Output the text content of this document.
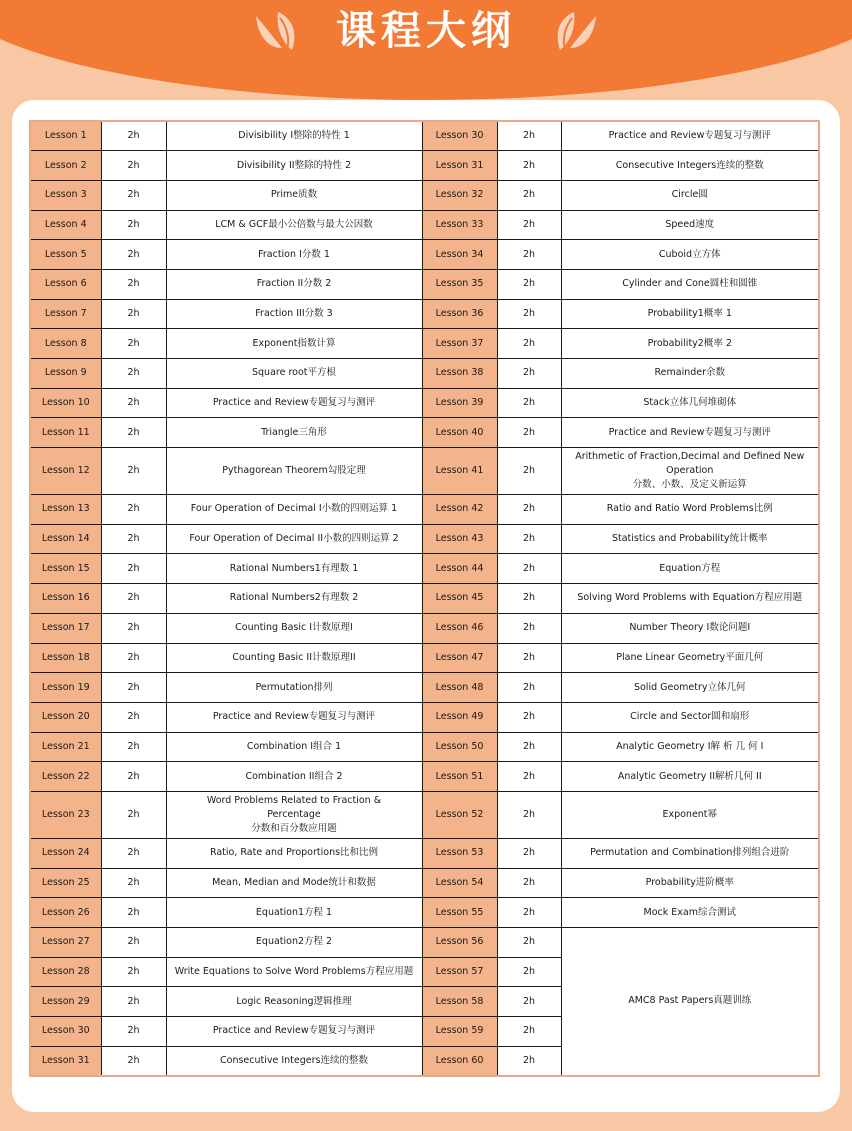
课程大纲
Lesson 1	2h	Divisibility I整除的特性 1	Lesson 30	2h	Practice and Review专题复习与测评

Lesson 2	2h	Divisibility II整除的特性 2	Lesson 31	2h	Consecutive Integers连续的整数

Lesson 3	2h	Prime质数	Lesson 32	2h	Circle圆

Lesson 4	2h	LCM & GCF最小公倍数与最大公因数	Lesson 33	2h	Speed速度

Lesson 5	2h	Fraction I分数 1	Lesson 34	2h	Cuboid立方体

Lesson 6	2h	Fraction II分数 2	Lesson 35	2h	Cylinder and Cone圆柱和圆锥

Lesson 7	2h	Fraction III分数 3	Lesson 36	2h	Probability1概率 1

Lesson 8	2h	Exponent指数计算	Lesson 37	2h	Probability2概率 2

Lesson 9	2h	Square root平方根	Lesson 38	2h	Remainder余数

Lesson 10	2h	Practice and Review专题复习与测评	Lesson 39	2h	Stack立体几何堆砌体

Lesson 11	2h	Triangle三角形	Lesson 40	2h	Practice and Review专题复习与测评

Lesson 12	2h	Pythagorean Theorem勾股定理	Lesson 41	2h	Arithmetic of Fraction,Decimal and Defined New
Operation
分数、小数、及定义新运算

Lesson 13	2h	Four Operation of Decimal I小数的四则运算 1	Lesson 42	2h	Ratio and Ratio Word Problems比例

Lesson 14	2h	Four Operation of Decimal II小数的四则运算 2	Lesson 43	2h	Statistics and Probability统计概率

Lesson 15	2h	Rational Numbers1有理数 1	Lesson 44	2h	Equation方程

Lesson 16	2h	Rational Numbers2有理数 2	Lesson 45	2h	Solving Word Problems with Equation方程应用题

Lesson 17	2h	Counting Basic I计数原理I	Lesson 46	2h	Number Theory I数论问题I

Lesson 18	2h	Counting Basic II计数原理II	Lesson 47	2h	Plane Linear Geometry平面几何

Lesson 19	2h	Permutation排列	Lesson 48	2h	Solid Geometry立体几何

Lesson 20	2h	Practice and Review专题复习与测评	Lesson 49	2h	Circle and Sector圆和扇形

Lesson 21	2h	Combination I组合 1	Lesson 50	2h	Analytic Geometry I解 析 几 何 I

Lesson 22	2h	Combination II组合 2	Lesson 51	2h	Analytic Geometry II解析几何 II

Lesson 23	2h	Word Problems Related to Fraction &
Percentage
分数和百分数应用题	Lesson 52	2h	Exponent幂

Lesson 24	2h	Ratio, Rate and Proportions比和比例	Lesson 53	2h	Permutation and Combination排列组合进阶

Lesson 25	2h	Mean, Median and Mode统计和数据	Lesson 54	2h	Probability进阶概率

Lesson 26	2h	Equation1方程 1	Lesson 55	2h	Mock Exam综合测试

Lesson 27	2h	Equation2方程 2	Lesson 56	2h	AMC8 Past Papers真题训练
Lesson 28	2h	Write Equations to Solve Word Problems方程应用题	Lesson 57	2h	
Lesson 29	2h	Logic Reasoning逻辑推理	Lesson 58	2h	
Lesson 30	2h	Practice and Review专题复习与测评	Lesson 59	2h	
Lesson 31	2h	Consecutive Integers连续的整数	Lesson 60	2h	
